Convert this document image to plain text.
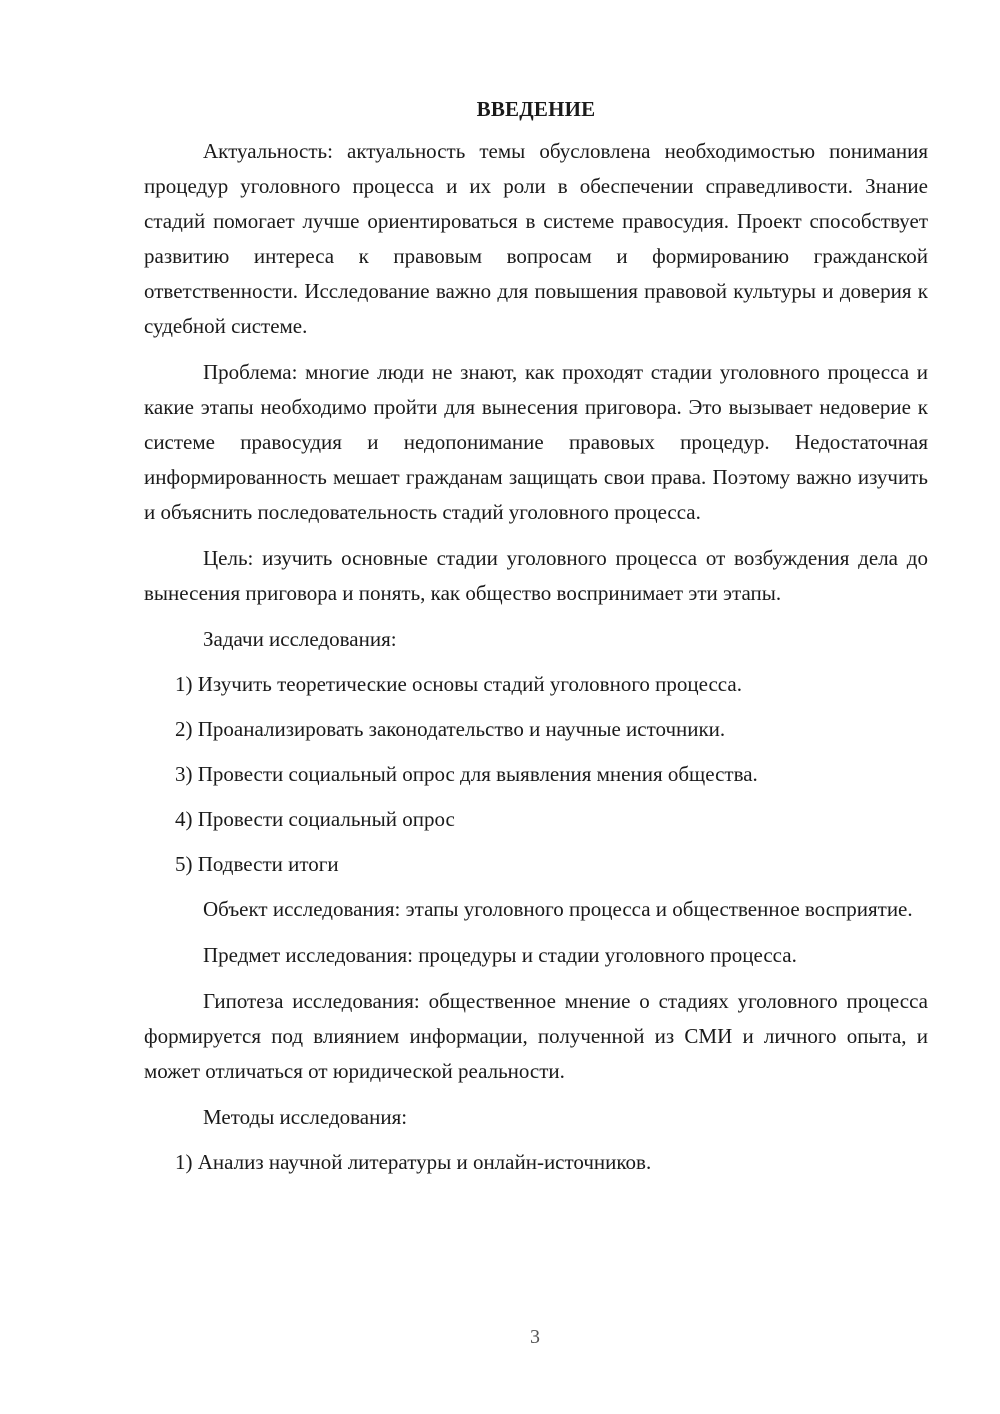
ВВЕДЕНИЕ

Актуальность: актуальность темы обусловлена необходимостью понимания процедур уголовного процесса и их роли в обеспечении справедливости. Знание стадий помогает лучше ориентироваться в системе правосудия. Проект способствует развитию интереса к правовым вопросам и формированию гражданской ответственности. Исследование важно для повышения правовой культуры и доверия к судебной системе.

Проблема: многие люди не знают, как проходят стадии уголовного процесса и какие этапы необходимо пройти для вынесения приговора. Это вызывает недоверие к системе правосудия и недопонимание правовых процедур. Недостаточная информированность мешает гражданам защищать свои права. Поэтому важно изучить и объяснить последовательность стадий уголовного процесса.

Цель: изучить основные стадии уголовного процесса от возбуждения дела до вынесения приговора и понять, как общество воспринимает эти этапы.

Задачи исследования:
1) Изучить теоретические основы стадий уголовного процесса.
2) Проанализировать законодательство и научные источники.
3) Провести социальный опрос для выявления мнения общества.
4) Провести социальный опрос
5) Подвести итоги

Объект исследования: этапы уголовного процесса и общественное восприятие.

Предмет исследования: процедуры и стадии уголовного процесса.

Гипотеза исследования: общественное мнение о стадиях уголовного процесса формируется под влиянием информации, полученной из СМИ и личного опыта, и может отличаться от юридической реальности.

Методы исследования:
1) Анализ научной литературы и онлайн-источников.
3
